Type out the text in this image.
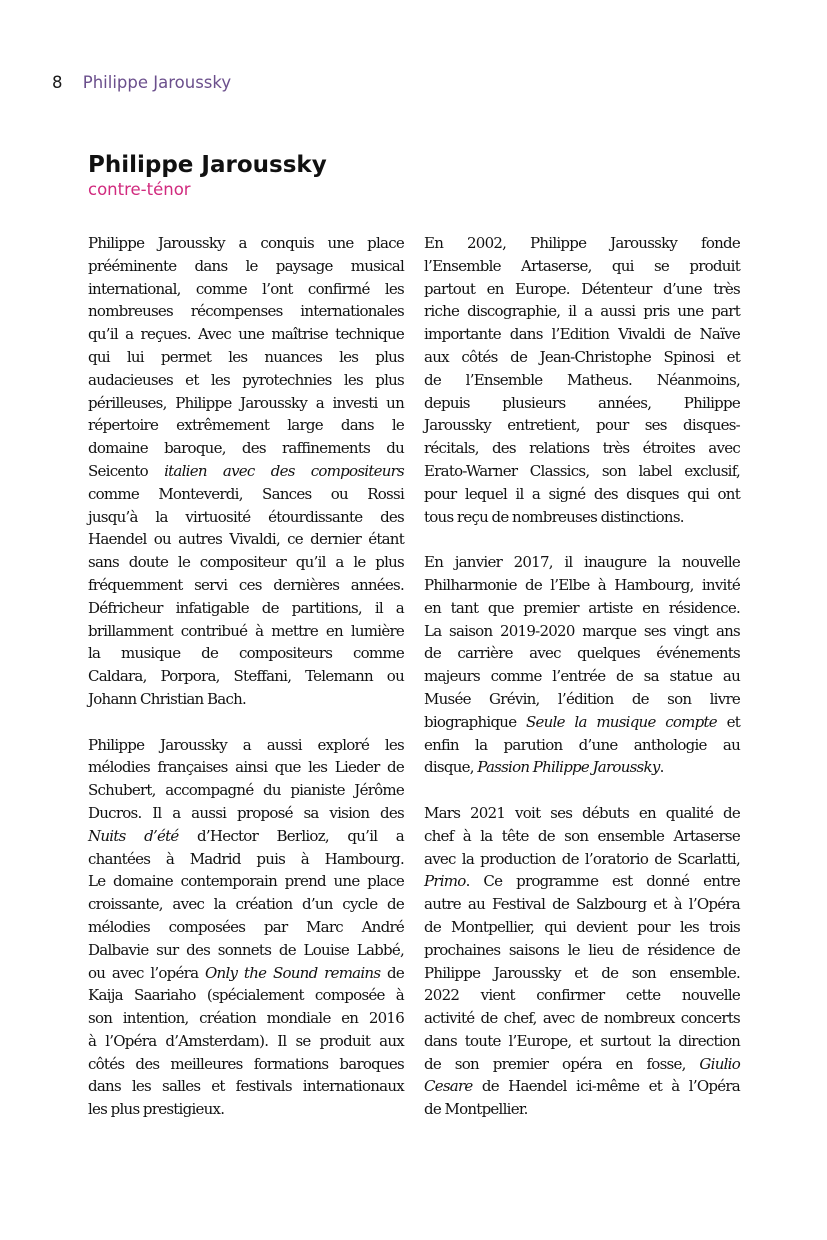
8 Philippe Jaroussky
Philippe Jaroussky
contre-ténor

Philippe Jaroussky a conquis une place
prééminente dans le paysage musical
international, comme l’ont confirmé les
nombreuses récompenses internationales
qu’il a reçues. Avec une maîtrise technique
qui lui permet les nuances les plus
audacieuses et les pyrotechnies les plus
périlleuses, Philippe Jaroussky a investi un
répertoire extrêmement large dans le
domaine baroque, des raffinements du
Seicento italien avec des compositeurs
comme Monteverdi, Sances ou Rossi
jusqu’à la virtuosité étourdissante des
Haendel ou autres Vivaldi, ce dernier étant
sans doute le compositeur qu’il a le plus
fréquemment servi ces dernières années.
Défricheur infatigable de partitions, il a
brillamment contribué à mettre en lumière
la musique de compositeurs comme
Caldara, Porpora, Steffani, Telemann ou
Johann Christian Bach.

Philippe Jaroussky a aussi exploré les
mélodies françaises ainsi que les Lieder de
Schubert, accompagné du pianiste Jérôme
Ducros. Il a aussi proposé sa vision des
Nuits d’été d’Hector Berlioz, qu’il a
chantées à Madrid puis à Hambourg.
Le domaine contemporain prend une place
croissante, avec la création d’un cycle de
mélodies composées par Marc André
Dalbavie sur des sonnets de Louise Labbé,
ou avec l’opéra Only the Sound remains de
Kaija Saariaho (spécialement composée à
son intention, création mondiale en 2016
à l’Opéra d’Amsterdam). Il se produit aux
côtés des meilleures formations baroques
dans les salles et festivals internationaux
les plus prestigieux.

En 2002, Philippe Jaroussky fonde
l’Ensemble Artaserse, qui se produit
partout en Europe. Détenteur d’une très
riche discographie, il a aussi pris une part
importante dans l’Edition Vivaldi de Naïve
aux côtés de Jean-Christophe Spinosi et
de l’Ensemble Matheus. Néanmoins,
depuis plusieurs années, Philippe
Jaroussky entretient, pour ses disques-
récitals, des relations très étroites avec
Erato-Warner Classics, son label exclusif,
pour lequel il a signé des disques qui ont
tous reçu de nombreuses distinctions.

En janvier 2017, il inaugure la nouvelle
Philharmonie de l’Elbe à Hambourg, invité
en tant que premier artiste en résidence.
La saison 2019-2020 marque ses vingt ans
de carrière avec quelques événements
majeurs comme l’entrée de sa statue au
Musée Grévin, l’édition de son livre
biographique Seule la musique compte et
enfin la parution d’une anthologie au
disque, Passion Philippe Jaroussky.

Mars 2021 voit ses débuts en qualité de
chef à la tête de son ensemble Artaserse
avec la production de l’oratorio de Scarlatti,
Primo. Ce programme est donné entre
autre au Festival de Salzbourg et à l’Opéra
de Montpellier, qui devient pour les trois
prochaines saisons le lieu de résidence de
Philippe Jaroussky et de son ensemble.
2022 vient confirmer cette nouvelle
activité de chef, avec de nombreux concerts
dans toute l’Europe, et surtout la direction
de son premier opéra en fosse, Giulio
Cesare de Haendel ici-même et à l’Opéra
de Montpellier.
